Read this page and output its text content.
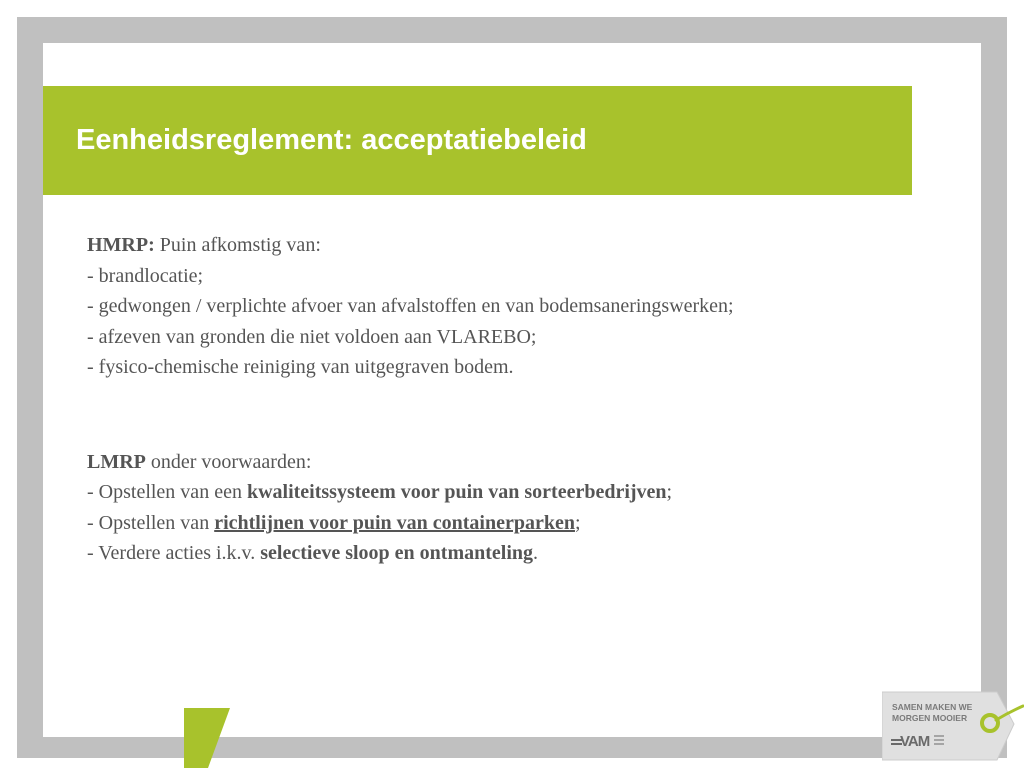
Eenheidsreglement: acceptatiebeleid

HMRP: Puin afkomstig van:

- brandlocatie;

- gedwongen / verplichte afvoer van afvalstoffen en van bodemsaneringswerken;

- afzeven van gronden die niet voldoen aan VLAREBO;

- fysico-chemische reiniging van uitgegraven bodem.

LMRP onder voorwaarden:

- Opstellen van een kwaliteitssysteem voor puin van sorteerbedrijven;

- Opstellen van richtlijnen voor puin van containerparken;

- Verdere acties i.k.v. selectieve sloop en ontmanteling.

SAMEN MAKEN WE
MORGEN MOOIER
VAM
